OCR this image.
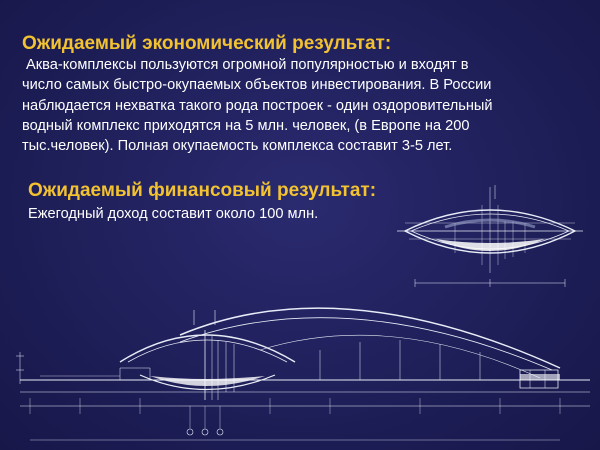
Ожидаемый экономический результат:

Аква-комплексы пользуются огромной популярностью и входят в
число самых быстро-окупаемых объектов инвестирования. В России
наблюдается нехватка такого рода построек - один оздоровительный
водный комплекс приходятся на 5 млн. человек, (в Европе на 200
тыс.человек). Полная окупаемость комплекса составит 3-5 лет.

Ожидаемый финансовый результат:

Ежегодный доход составит около 100 млн.
